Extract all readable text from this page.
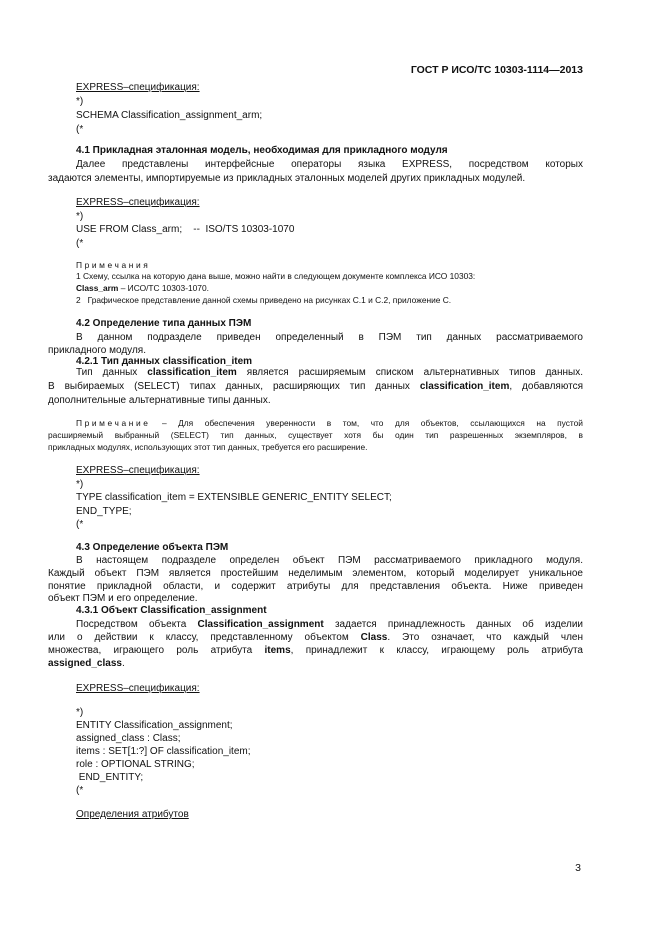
ГОСТ Р ИСО/ТС 10303-1114—2013
EXPRESS–спецификация:
*)
SCHEMA Classification_assignment_arm;
(*
4.1 Прикладная эталонная модель, необходимая для прикладного модуля
Далее представлены интерфейсные операторы языка EXPRESS, посредством которых
задаются элементы, импортируемые из прикладных эталонных моделей других прикладных модулей.
EXPRESS–спецификация:
*)
USE FROM Class_arm;    --  ISO/TS 10303-1070
(*
Примечания
1 Схему, ссылка на которую дана выше, можно найти в следующем документе комплекса ИСО 10303:
Class_arm – ИСО/ТС 10303-1070.
2   Графическое представление данной схемы приведено на рисунках C.1 и C.2, приложение C.
4.2 Определение типа данных ПЭМ
В данном подразделе приведен определенный в ПЭМ тип данных рассматриваемого
прикладного модуля.
4.2.1 Тип данных classification_item
Тип данных classification_item является расширяемым списком альтернативных типов данных.
В выбираемых (SELECT) типах данных, расширяющих тип данных classification_item, добавляются
дополнительные альтернативные типы данных.
Примечание – Для обеспечения уверенности в том, что для объектов, ссылающихся на пустой
расширяемый выбранный (SELECT) тип данных, существует хотя бы один тип разрешенных экземпляров, в
прикладных модулях, использующих этот тип данных, требуется его расширение.
EXPRESS–спецификация:
*)
TYPE classification_item = EXTENSIBLE GENERIC_ENTITY SELECT;
END_TYPE;
(*
4.3 Определение объекта ПЭМ
В настоящем подразделе определен объект ПЭМ рассматриваемого прикладного модуля.
Каждый объект ПЭМ является простейшим неделимым элементом, который моделирует уникальное
понятие прикладной области, и содержит атрибуты для представления объекта. Ниже приведен
объект ПЭМ и его определение.
4.3.1 Объект Classification_assignment
Посредством объекта Classification_assignment задается принадлежность данных об изделии
или о действии к классу, представленному объектом Class. Это означает, что каждый член
множества, играющего роль атрибута items, принадлежит к классу, играющему роль атрибута
assigned_class.
EXPRESS–спецификация:
*)
ENTITY Classification_assignment;
assigned_class : Class;
items : SET[1:?] OF classification_item;
role : OPTIONAL STRING;
END_ENTITY;
(*
Определения атрибутов
3
